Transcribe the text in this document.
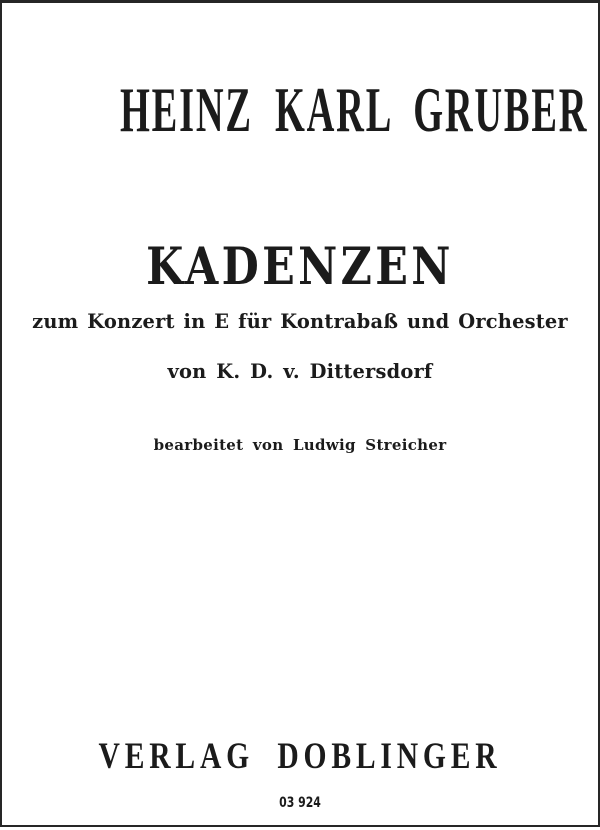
HEINZ KARL GRUBER
KADENZEN
zum Konzert in E für Kontrabaß und Orchester
von K. D. v. Dittersdorf
bearbeitet von Ludwig Streicher
VERLAG DOBLINGER
03 924
